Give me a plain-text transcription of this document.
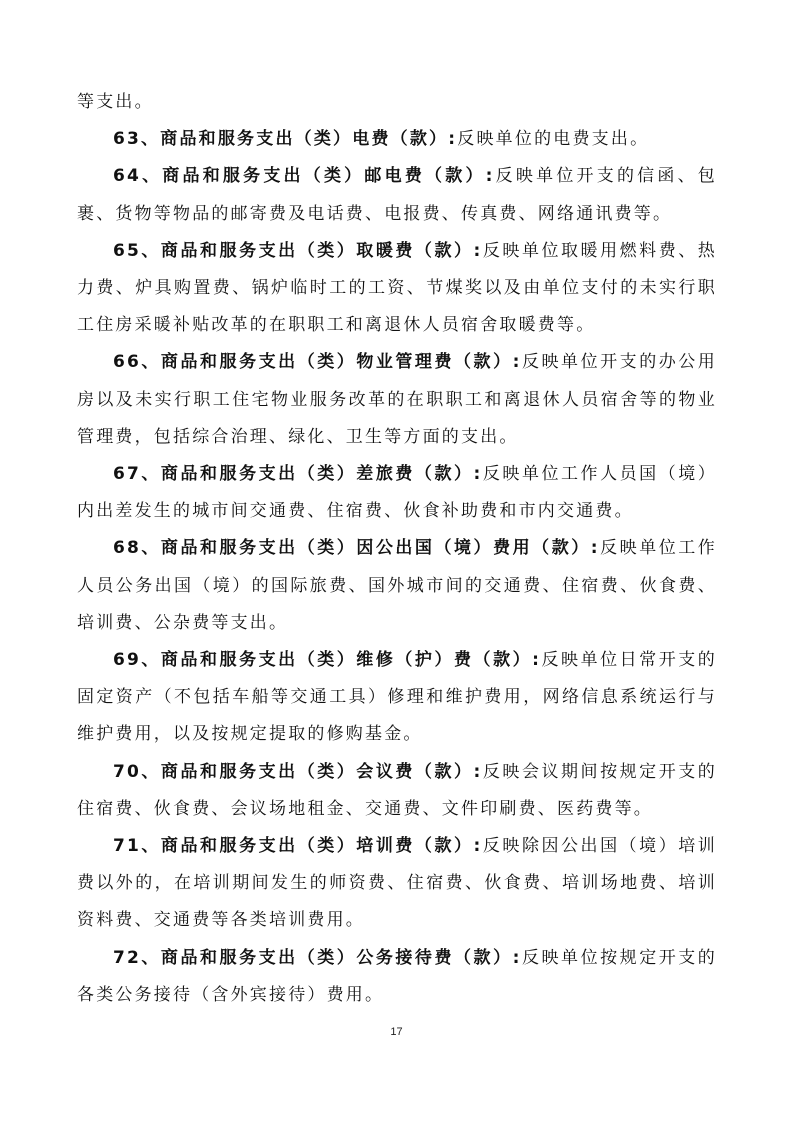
等支出。

63、商品和服务支出（类）电费（款）:反映单位的电费支出。

64、商品和服务支出（类）邮电费（款）:反映单位开支的信函、包裹、货物等物品的邮寄费及电话费、电报费、传真费、网络通讯费等。

65、商品和服务支出（类）取暖费（款）:反映单位取暖用燃料费、热力费、炉具购置费、锅炉临时工的工资、节煤奖以及由单位支付的未实行职工住房采暖补贴改革的在职职工和离退休人员宿舍取暖费等。

66、商品和服务支出（类）物业管理费（款）:反映单位开支的办公用房以及未实行职工住宅物业服务改革的在职职工和离退休人员宿舍等的物业管理费，包括综合治理、绿化、卫生等方面的支出。

67、商品和服务支出（类）差旅费（款）:反映单位工作人员国（境）内出差发生的城市间交通费、住宿费、伙食补助费和市内交通费。

68、商品和服务支出（类）因公出国（境）费用（款）:反映单位工作人员公务出国（境）的国际旅费、国外城市间的交通费、住宿费、伙食费、培训费、公杂费等支出。

69、商品和服务支出（类）维修（护）费（款）:反映单位日常开支的固定资产（不包括车船等交通工具）修理和维护费用，网络信息系统运行与维护费用，以及按规定提取的修购基金。

70、商品和服务支出（类）会议费（款）:反映会议期间按规定开支的住宿费、伙食费、会议场地租金、交通费、文件印刷费、医药费等。

71、商品和服务支出（类）培训费（款）:反映除因公出国（境）培训费以外的，在培训期间发生的师资费、住宿费、伙食费、培训场地费、培训资料费、交通费等各类培训费用。

72、商品和服务支出（类）公务接待费（款）:反映单位按规定开支的各类公务接待（含外宾接待）费用。

17
